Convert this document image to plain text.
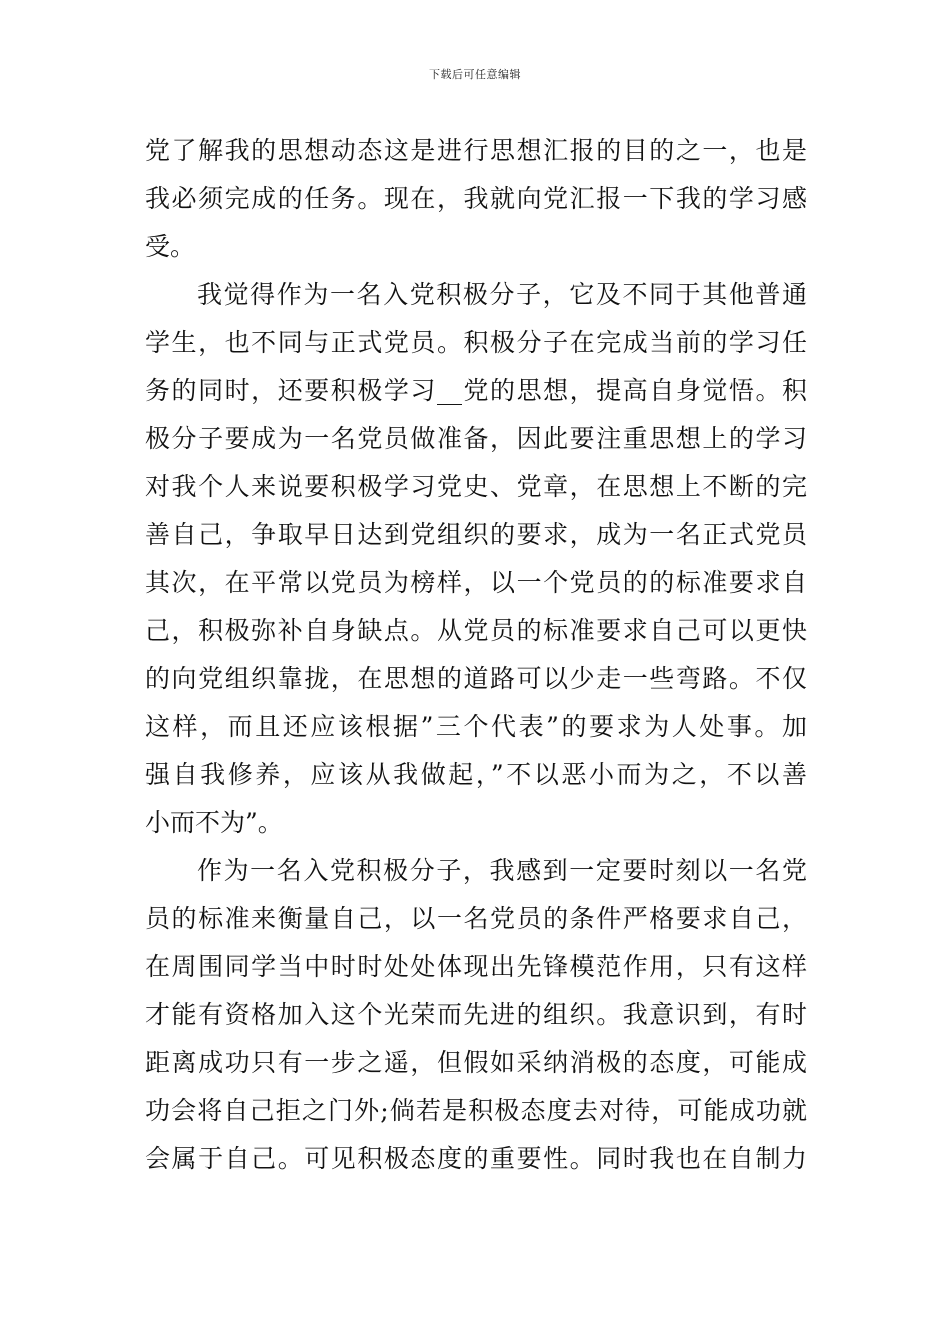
下载后可任意编辑
党了解我的思想动态这是进行思想汇报的目的之一，也是
我必须完成的任务。现在，我就向党汇报一下我的学习感
受。
我觉得作为一名入党积极分子，它及不同于其他普通
学生，也不同与正式党员。积极分子在完成当前的学习任
务的同时，还要积极学习__党的思想，提高自身觉悟。积
极分子要成为一名党员做准备，因此要注重思想上的学习
对我个人来说要积极学习党史、党章，在思想上不断的完
善自己，争取早日达到党组织的要求，成为一名正式党员
其次，在平常以党员为榜样，以一个党员的的标准要求自
己，积极弥补自身缺点。从党员的标准要求自己可以更快
的向党组织靠拢，在思想的道路可以少走一些弯路。不仅
这样，而且还应该根据”三个代表”的要求为人处事。加
强自我修养，应该从我做起，”不以恶小而为之，不以善
小而不为”。
作为一名入党积极分子，我感到一定要时刻以一名党
员的标准来衡量自己，以一名党员的条件严格要求自己，
在周围同学当中时时处处体现出先锋模范作用，只有这样
才能有资格加入这个光荣而先进的组织。我意识到，有时
距离成功只有一步之遥，但假如采纳消极的态度，可能成
功会将自己拒之门外;倘若是积极态度去对待，可能成功就
会属于自己。可见积极态度的重要性。同时我也在自制力
